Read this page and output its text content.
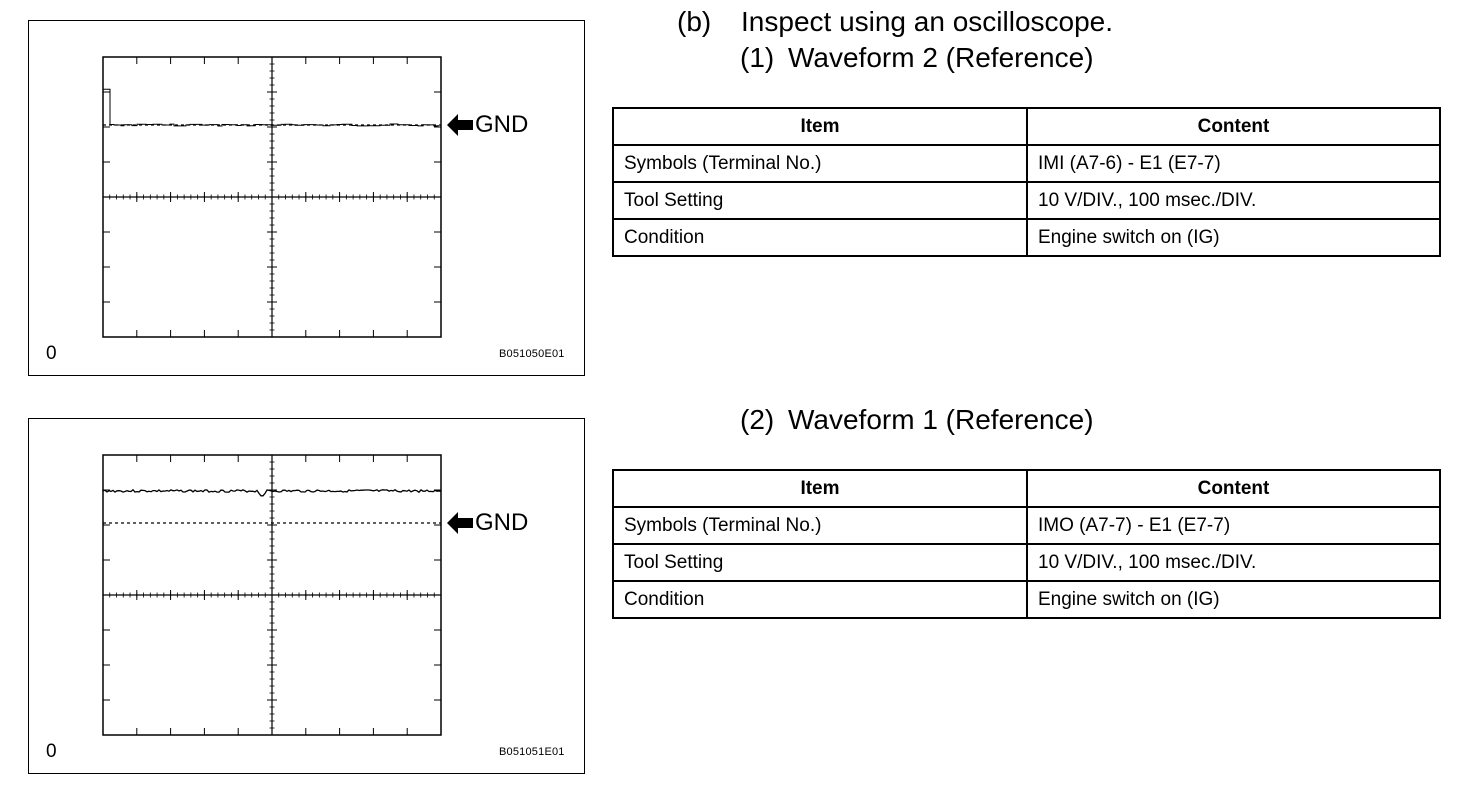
0	B051050E01
GND
0	B051051E01
GND
(b) Inspect using an oscilloscope.
(1) Waveform 2 (Reference)
Item	Content
Symbols (Terminal No.)	IMI (A7-6) - E1 (E7-7)
Tool Setting	10 V/DIV., 100 msec./DIV.
Condition	Engine switch on (IG)
(2) Waveform 1 (Reference)
Item	Content
Symbols (Terminal No.)	IMO (A7-7) - E1 (E7-7)
Tool Setting	10 V/DIV., 100 msec./DIV.
Condition	Engine switch on (IG)
